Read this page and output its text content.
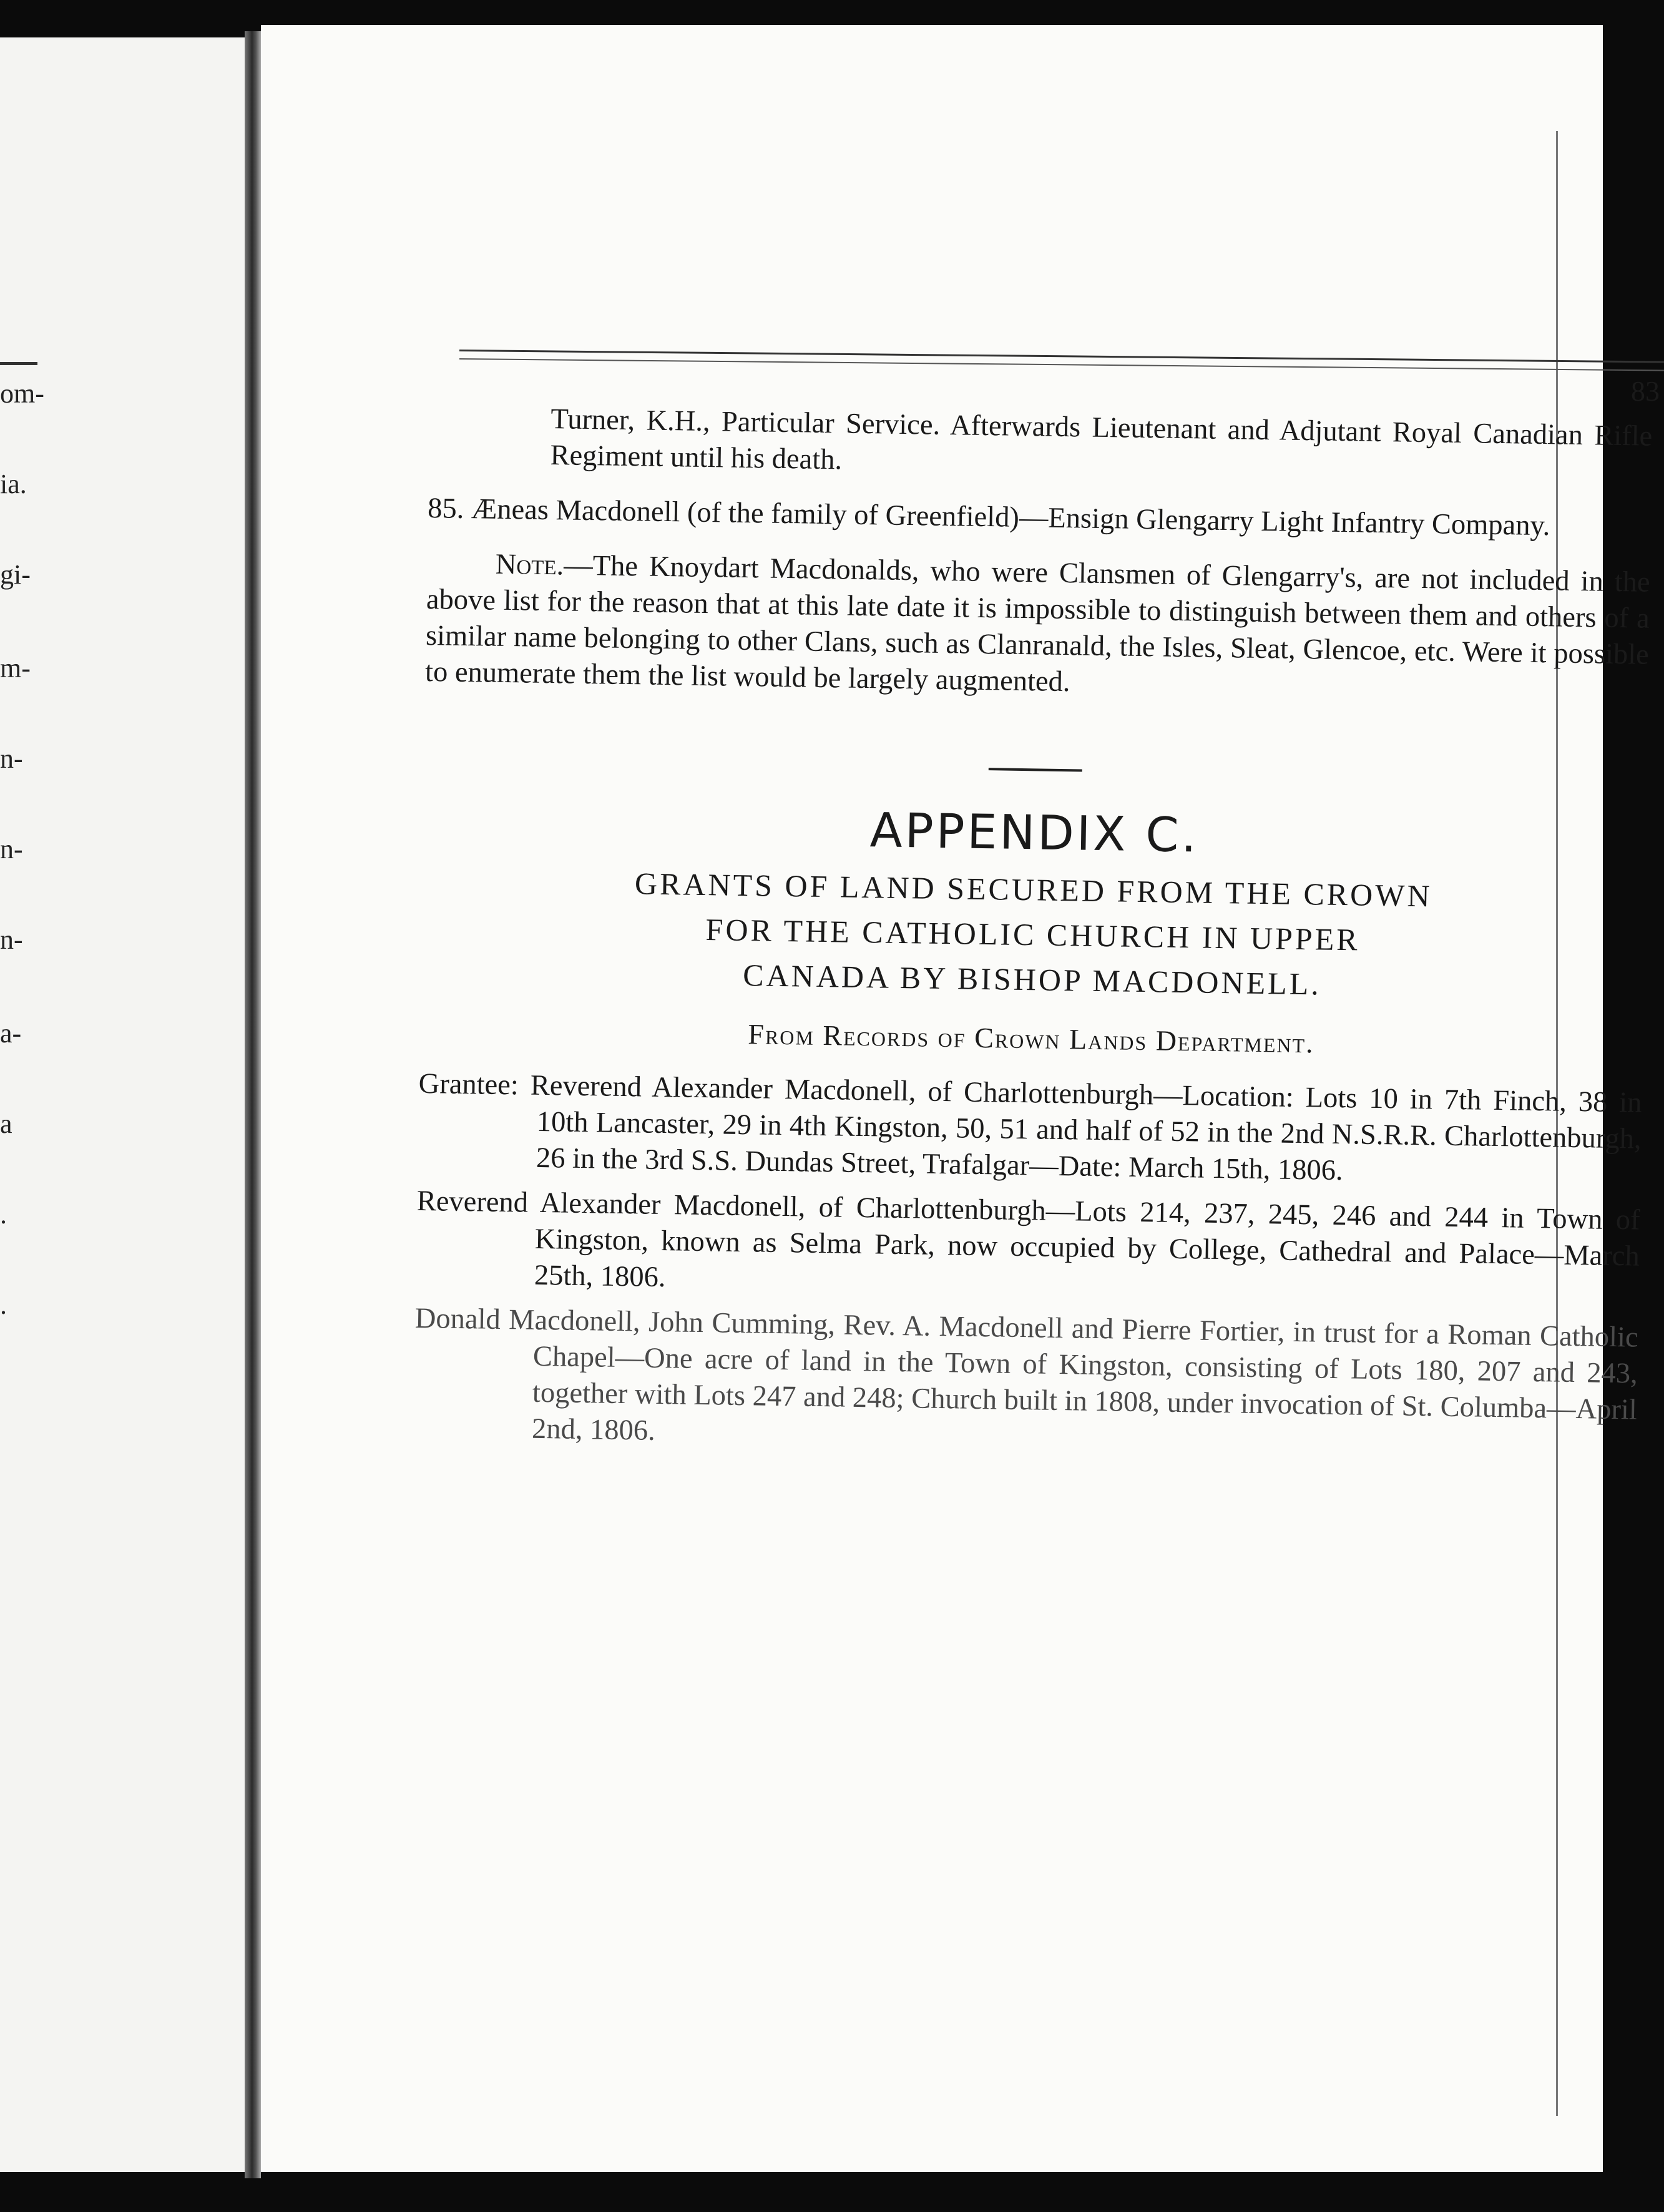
om-
ia.
gi-
m-
n-
n-
n-
a-
a
.
.
83

Turner, K.H., Particular Service. Afterwards Lieutenant and Adjutant Royal Canadian Rifle Regiment until his death.

85. Æneas Macdonell (of the family of Greenfield)—Ensign Glengarry Light Infantry Company.

Note.—The Knoydart Macdonalds, who were Clansmen of Glengarry's, are not included in the above list for the reason that at this late date it is impossible to distinguish between them and others of a similar name belonging to other Clans, such as Clanranald, the Isles, Sleat, Glencoe, etc. Were it possible to enumerate them the list would be largely augmented.

APPENDIX C.
GRANTS OF LAND SECURED FROM THE CROWN
FOR THE CATHOLIC CHURCH IN UPPER
CANADA BY BISHOP MACDONELL.

From Records of Crown Lands Department.

Grantee: Reverend Alexander Macdonell, of Charlottenburgh—Location: Lots 10 in 7th Finch, 38 in 10th Lancaster, 29 in 4th Kingston, 50, 51 and half of 52 in the 2nd N.S.R.R. Charlottenburgh, 26 in the 3rd S.S. Dundas Street, Trafalgar—Date: March 15th, 1806.

Reverend Alexander Macdonell, of Charlottenburgh—Lots 214, 237, 245, 246 and 244 in Town of Kingston, known as Selma Park, now occupied by College, Cathedral and Palace—March 25th, 1806.

Donald Macdonell, John Cumming, Rev. A. Macdonell and Pierre Fortier, in trust for a Roman Catholic Chapel—One acre of land in the Town of Kingston, consisting of Lots 180, 207 and 243, together with Lots 247 and 248; Church built in 1808, under invocation of St. Columba—April 2nd, 1806.
